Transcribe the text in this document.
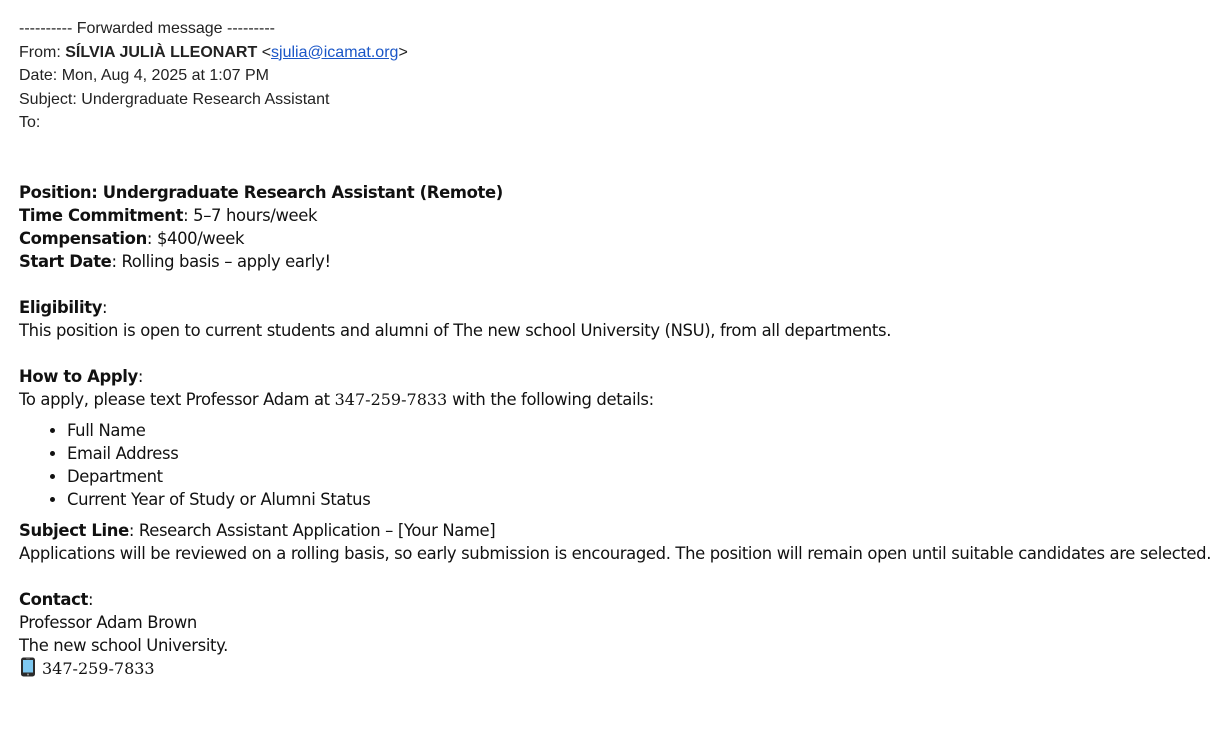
---------- Forwarded message ---------
From: SÍLVIA JULIÀ LLEONART <sjulia@icamat.org>
Date: Mon, Aug 4, 2025 at 1:07 PM
Subject: Undergraduate Research Assistant
To:
Position: Undergraduate Research Assistant (Remote)
Time Commitment: 5–7 hours/week
Compensation: $400/week
Start Date: Rolling basis – apply early!
Eligibility:
This position is open to current students and alumni of The new school University (NSU), from all departments.
How to Apply:
To apply, please text Professor Adam at 347-259-7833 with the following details:
• Full Name
• Email Address
• Department
• Current Year of Study or Alumni Status
Subject Line: Research Assistant Application – [Your Name]
Applications will be reviewed on a rolling basis, so early submission is encouraged. The position will remain open until suitable candidates are selected.
Contact:
Professor Adam Brown
The new school University.
347-259-7833
